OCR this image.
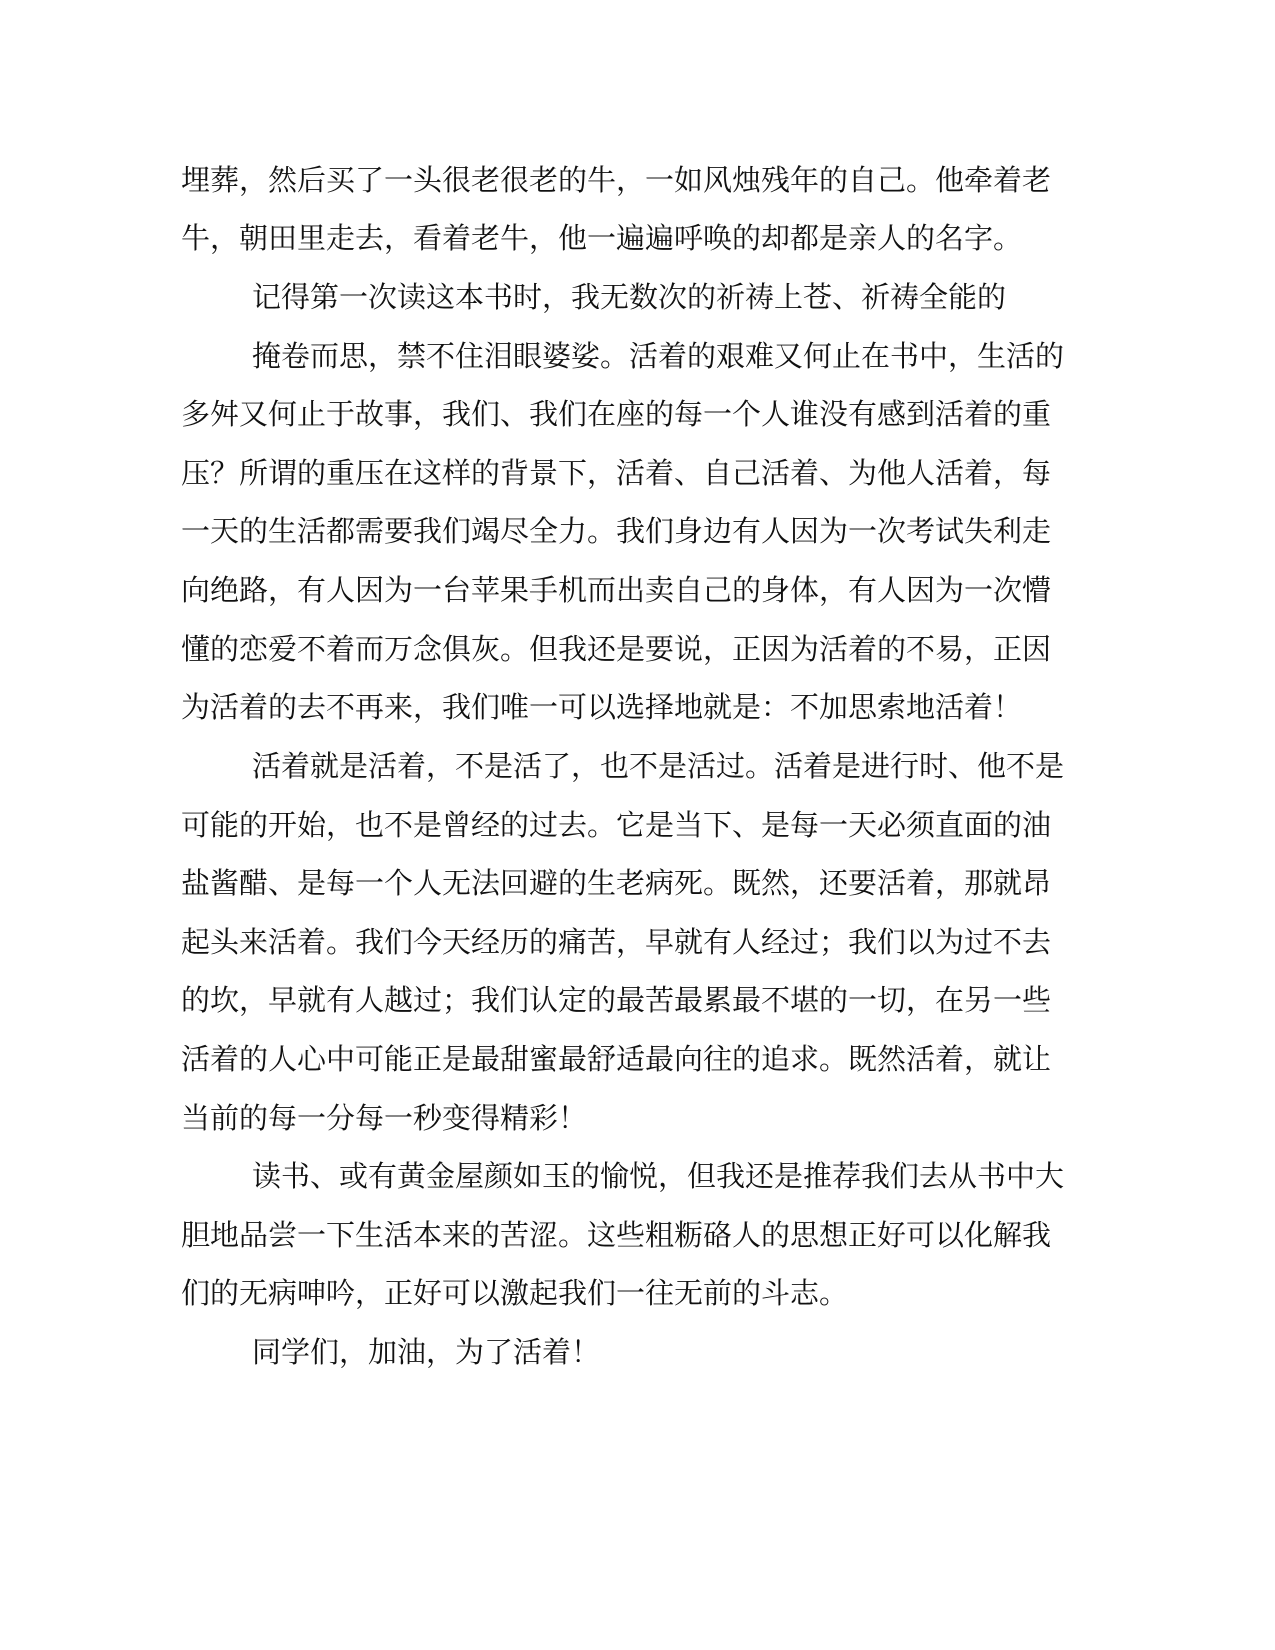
埋葬，然后买了一头很老很老的牛，一如风烛残年的自己。他牵着老

牛，朝田里走去，看着老牛，他一遍遍呼唤的却都是亲人的名字。

记得第一次读这本书时，我无数次的祈祷上苍、祈祷全能的

掩卷而思，禁不住泪眼婆娑。活着的艰难又何止在书中，生活的

多舛又何止于故事，我们、我们在座的每一个人谁没有感到活着的重

压？所谓的重压在这样的背景下，活着、自己活着、为他人活着，每

一天的生活都需要我们竭尽全力。我们身边有人因为一次考试失利走

向绝路，有人因为一台苹果手机而出卖自己的身体，有人因为一次懵

懂的恋爱不着而万念俱灰。但我还是要说，正因为活着的不易，正因

为活着的去不再来，我们唯一可以选择地就是：不加思索地活着！

活着就是活着，不是活了，也不是活过。活着是进行时、他不是

可能的开始，也不是曾经的过去。它是当下、是每一天必须直面的油

盐酱醋、是每一个人无法回避的生老病死。既然，还要活着，那就昂

起头来活着。我们今天经历的痛苦，早就有人经过；我们以为过不去

的坎，早就有人越过；我们认定的最苦最累最不堪的一切，在另一些

活着的人心中可能正是最甜蜜最舒适最向往的追求。既然活着，就让

当前的每一分每一秒变得精彩！

读书、或有黄金屋颜如玉的愉悦，但我还是推荐我们去从书中大

胆地品尝一下生活本来的苦涩。这些粗粝硌人的思想正好可以化解我

们的无病呻吟，正好可以激起我们一往无前的斗志。

同学们，加油，为了活着！
